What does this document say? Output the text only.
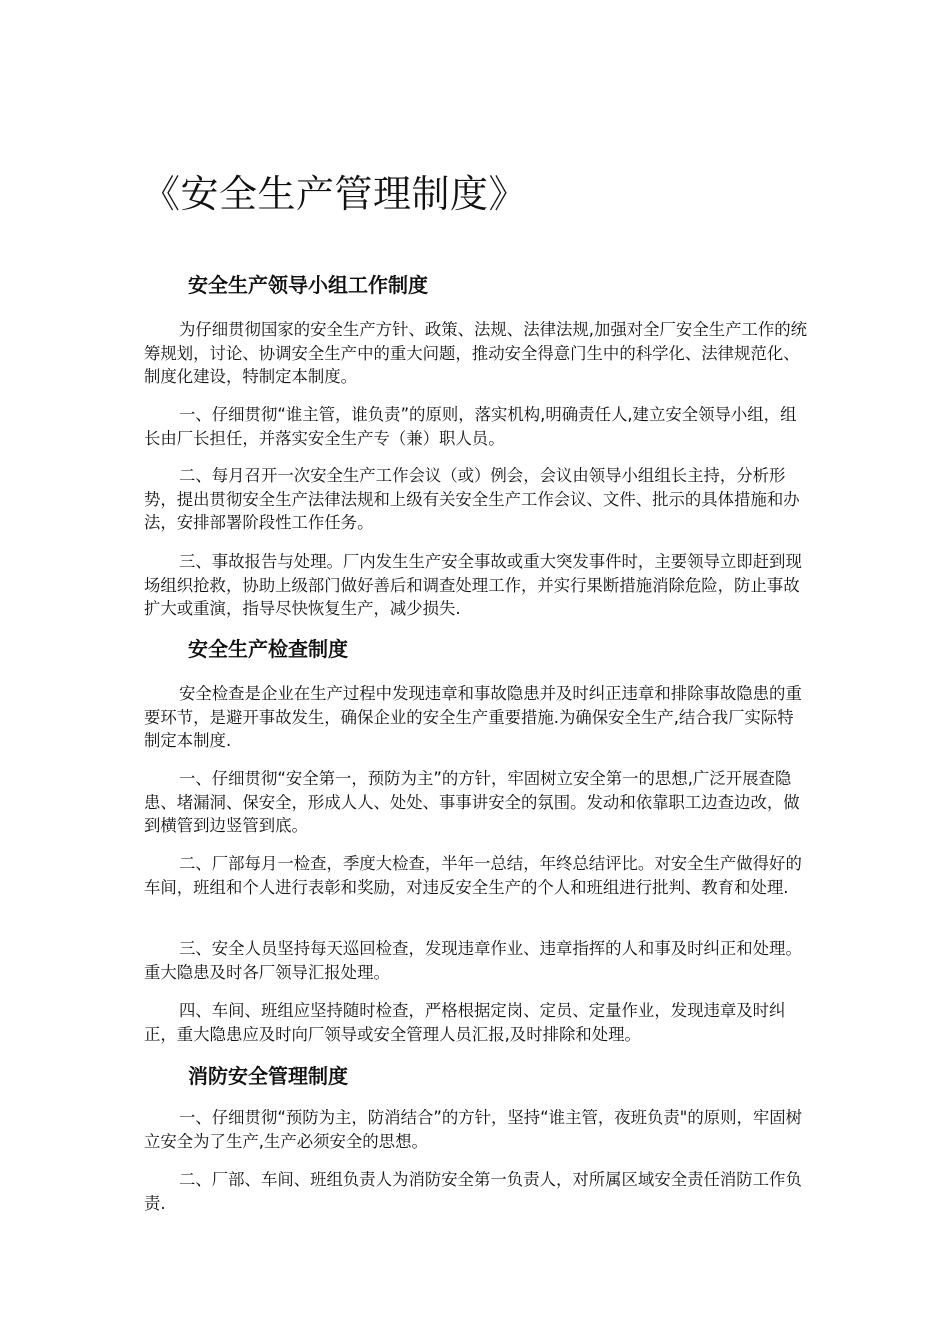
《安全生产管理制度》
安全生产领导小组工作制度

为仔细贯彻国家的安全生产方针、政策、法规、法律法规,加强对全厂安全生产工作的统筹规划，讨论、协调安全生产中的重大问题，推动安全得意门生中的科学化、法律规范化、制度化建设，特制定本制度。

一、仔细贯彻“谁主管，谁负责”的原则，落实机构,明确责任人,建立安全领导小组，组长由厂长担任，并落实安全生产专（兼）职人员。

二、每月召开一次安全生产工作会议（或）例会，会议由领导小组组长主持，分析形势，提出贯彻安全生产法律法规和上级有关安全生产工作会议、文件、批示的具体措施和办法，安排部署阶段性工作任务。

三、事故报告与处理。厂内发生生产安全事故或重大突发事件时，主要领导立即赶到现场组织抢救，协助上级部门做好善后和调查处理工作，并实行果断措施消除危险，防止事故扩大或重演，指导尽快恢复生产，减少损失.

安全生产检查制度

安全检查是企业在生产过程中发现违章和事故隐患并及时纠正违章和排除事故隐患的重要环节，是避开事故发生，确保企业的安全生产重要措施.为确保安全生产,结合我厂实际特制定本制度.

一、仔细贯彻“安全第一，预防为主”的方针，牢固树立安全第一的思想,广泛开展查隐患、堵漏洞、保安全，形成人人、处处、事事讲安全的氛围。发动和依靠职工边查边改，做到横管到边竖管到底。

二、厂部每月一检查，季度大检查，半年一总结，年终总结评比。对安全生产做得好的车间，班组和个人进行表彰和奖励，对违反安全生产的个人和班组进行批判、教育和处理.

三、安全人员坚持每天巡回检查，发现违章作业、违章指挥的人和事及时纠正和处理。重大隐患及时各厂领导汇报处理。

四、车间、班组应坚持随时检查，严格根据定岗、定员、定量作业，发现违章及时纠正，重大隐患应及时向厂领导或安全管理人员汇报,及时排除和处理。

消防安全管理制度

一、仔细贯彻“预防为主，防消结合”的方针，坚持“谁主管，夜班负责"的原则，牢固树立安全为了生产,生产必须安全的思想。

二、厂部、车间、班组负责人为消防安全第一负责人，对所属区域安全责任消防工作负责.
